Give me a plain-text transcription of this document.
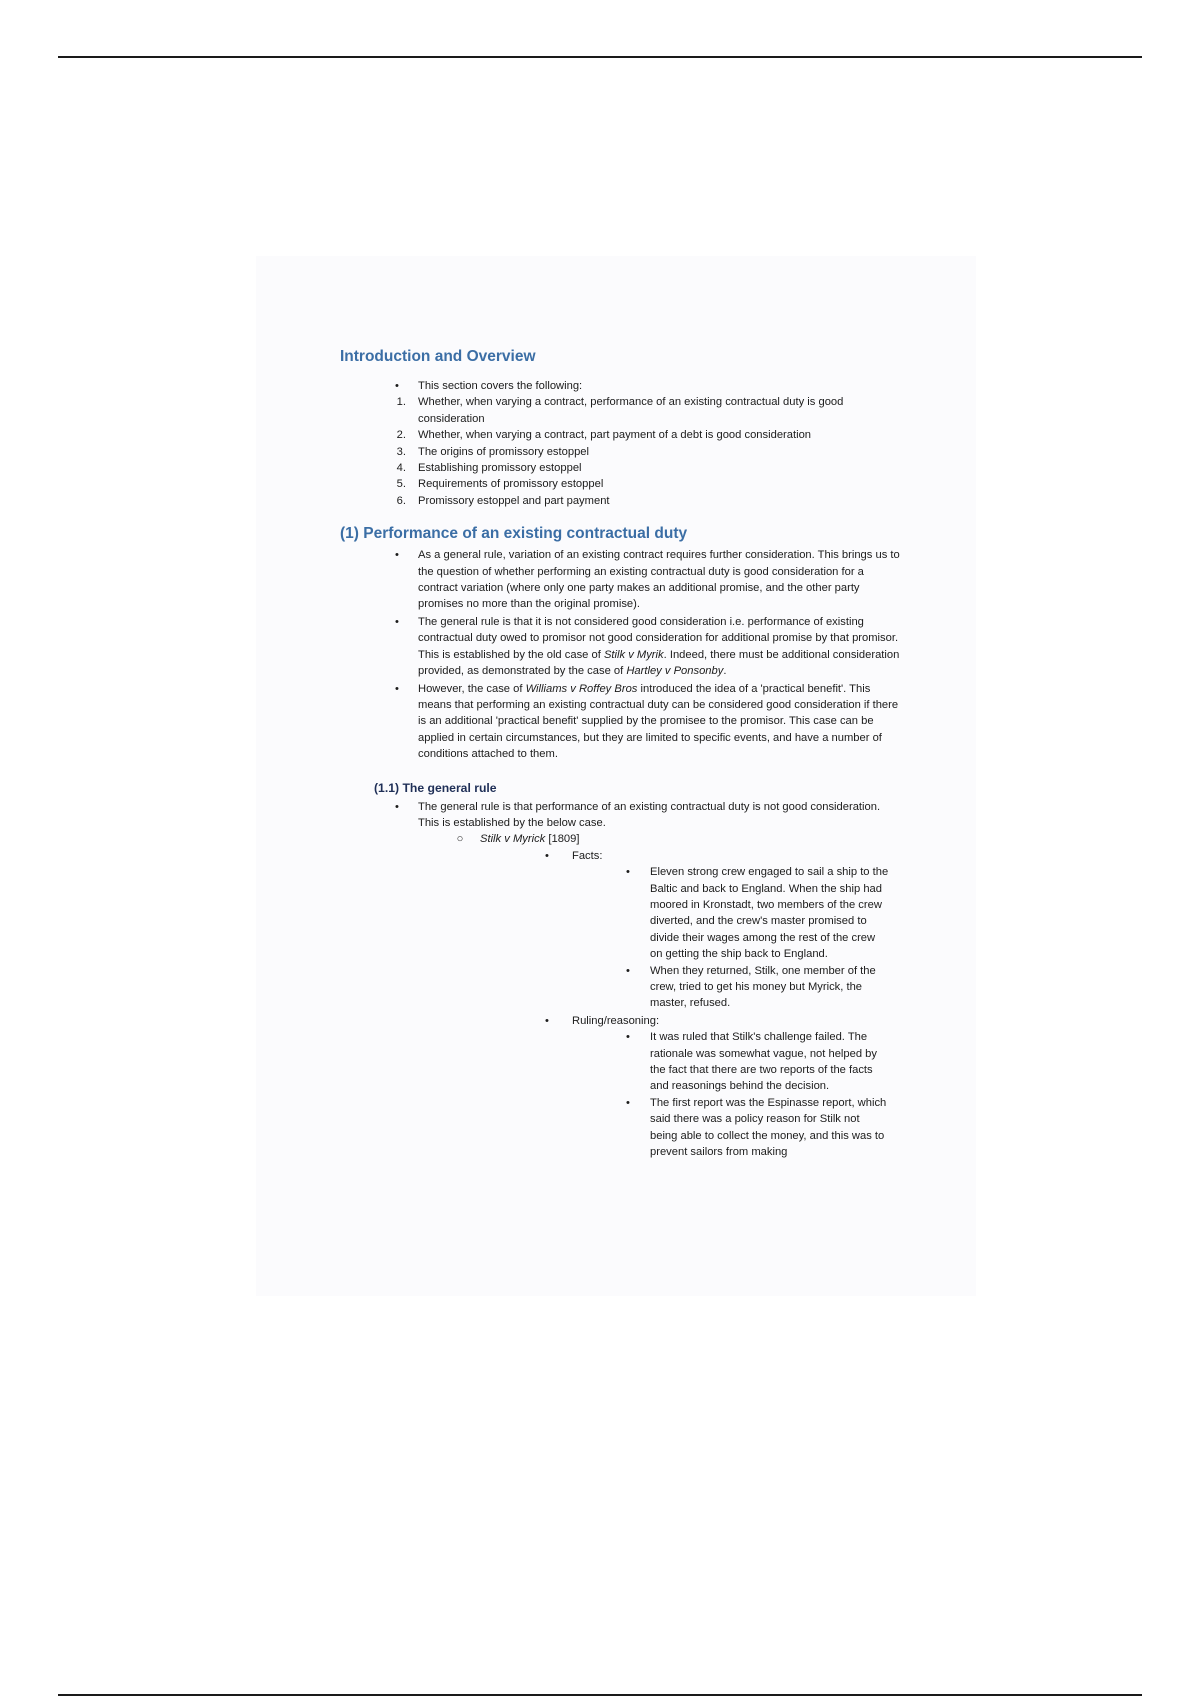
Introduction and Overview
•	This section covers the following:
1. Whether, when varying a contract, performance of an existing contractual duty is good consideration
2. Whether, when varying a contract, part payment of a debt is good consideration
3. The origins of promissory estoppel
4. Establishing promissory estoppel
5. Requirements of promissory estoppel
6. Promissory estoppel and part payment
(1) Performance of an existing contractual duty
•	As a general rule, variation of an existing contract requires further consideration. This brings us to the question of whether performing an existing contractual duty is good consideration for a contract variation (where only one party makes an additional promise, and the other party promises no more than the original promise).
•	The general rule is that it is not considered good consideration i.e. performance of existing contractual duty owed to promisor not good consideration for additional promise by that promisor. This is established by the old case of Stilk v Myrik. Indeed, there must be additional consideration provided, as demonstrated by the case of Hartley v Ponsonby.
•	However, the case of Williams v Roffey Bros introduced the idea of a 'practical benefit'. This means that performing an existing contractual duty can be considered good consideration if there is an additional 'practical benefit' supplied by the promisee to the promisor. This case can be applied in certain circumstances, but they are limited to specific events, and have a number of conditions attached to them.
(1.1) The general rule
•	The general rule is that performance of an existing contractual duty is not good consideration. This is established by the below case.
○	Stilk v Myrick [1809]
•	Facts:
•	Eleven strong crew engaged to sail a ship to the Baltic and back to England. When the ship had moored in Kronstadt, two members of the crew diverted, and the crew's master promised to divide their wages among the rest of the crew on getting the ship back to England.
•	When they returned, Stilk, one member of the crew, tried to get his money but Myrick, the master, refused.
•	Ruling/reasoning:
•	It was ruled that Stilk's challenge failed. The rationale was somewhat vague, not helped by the fact that there are two reports of the facts and reasonings behind the decision.
•	The first report was the Espinasse report, which said there was a policy reason for Stilk not being able to collect the money, and this was to prevent sailors from making
